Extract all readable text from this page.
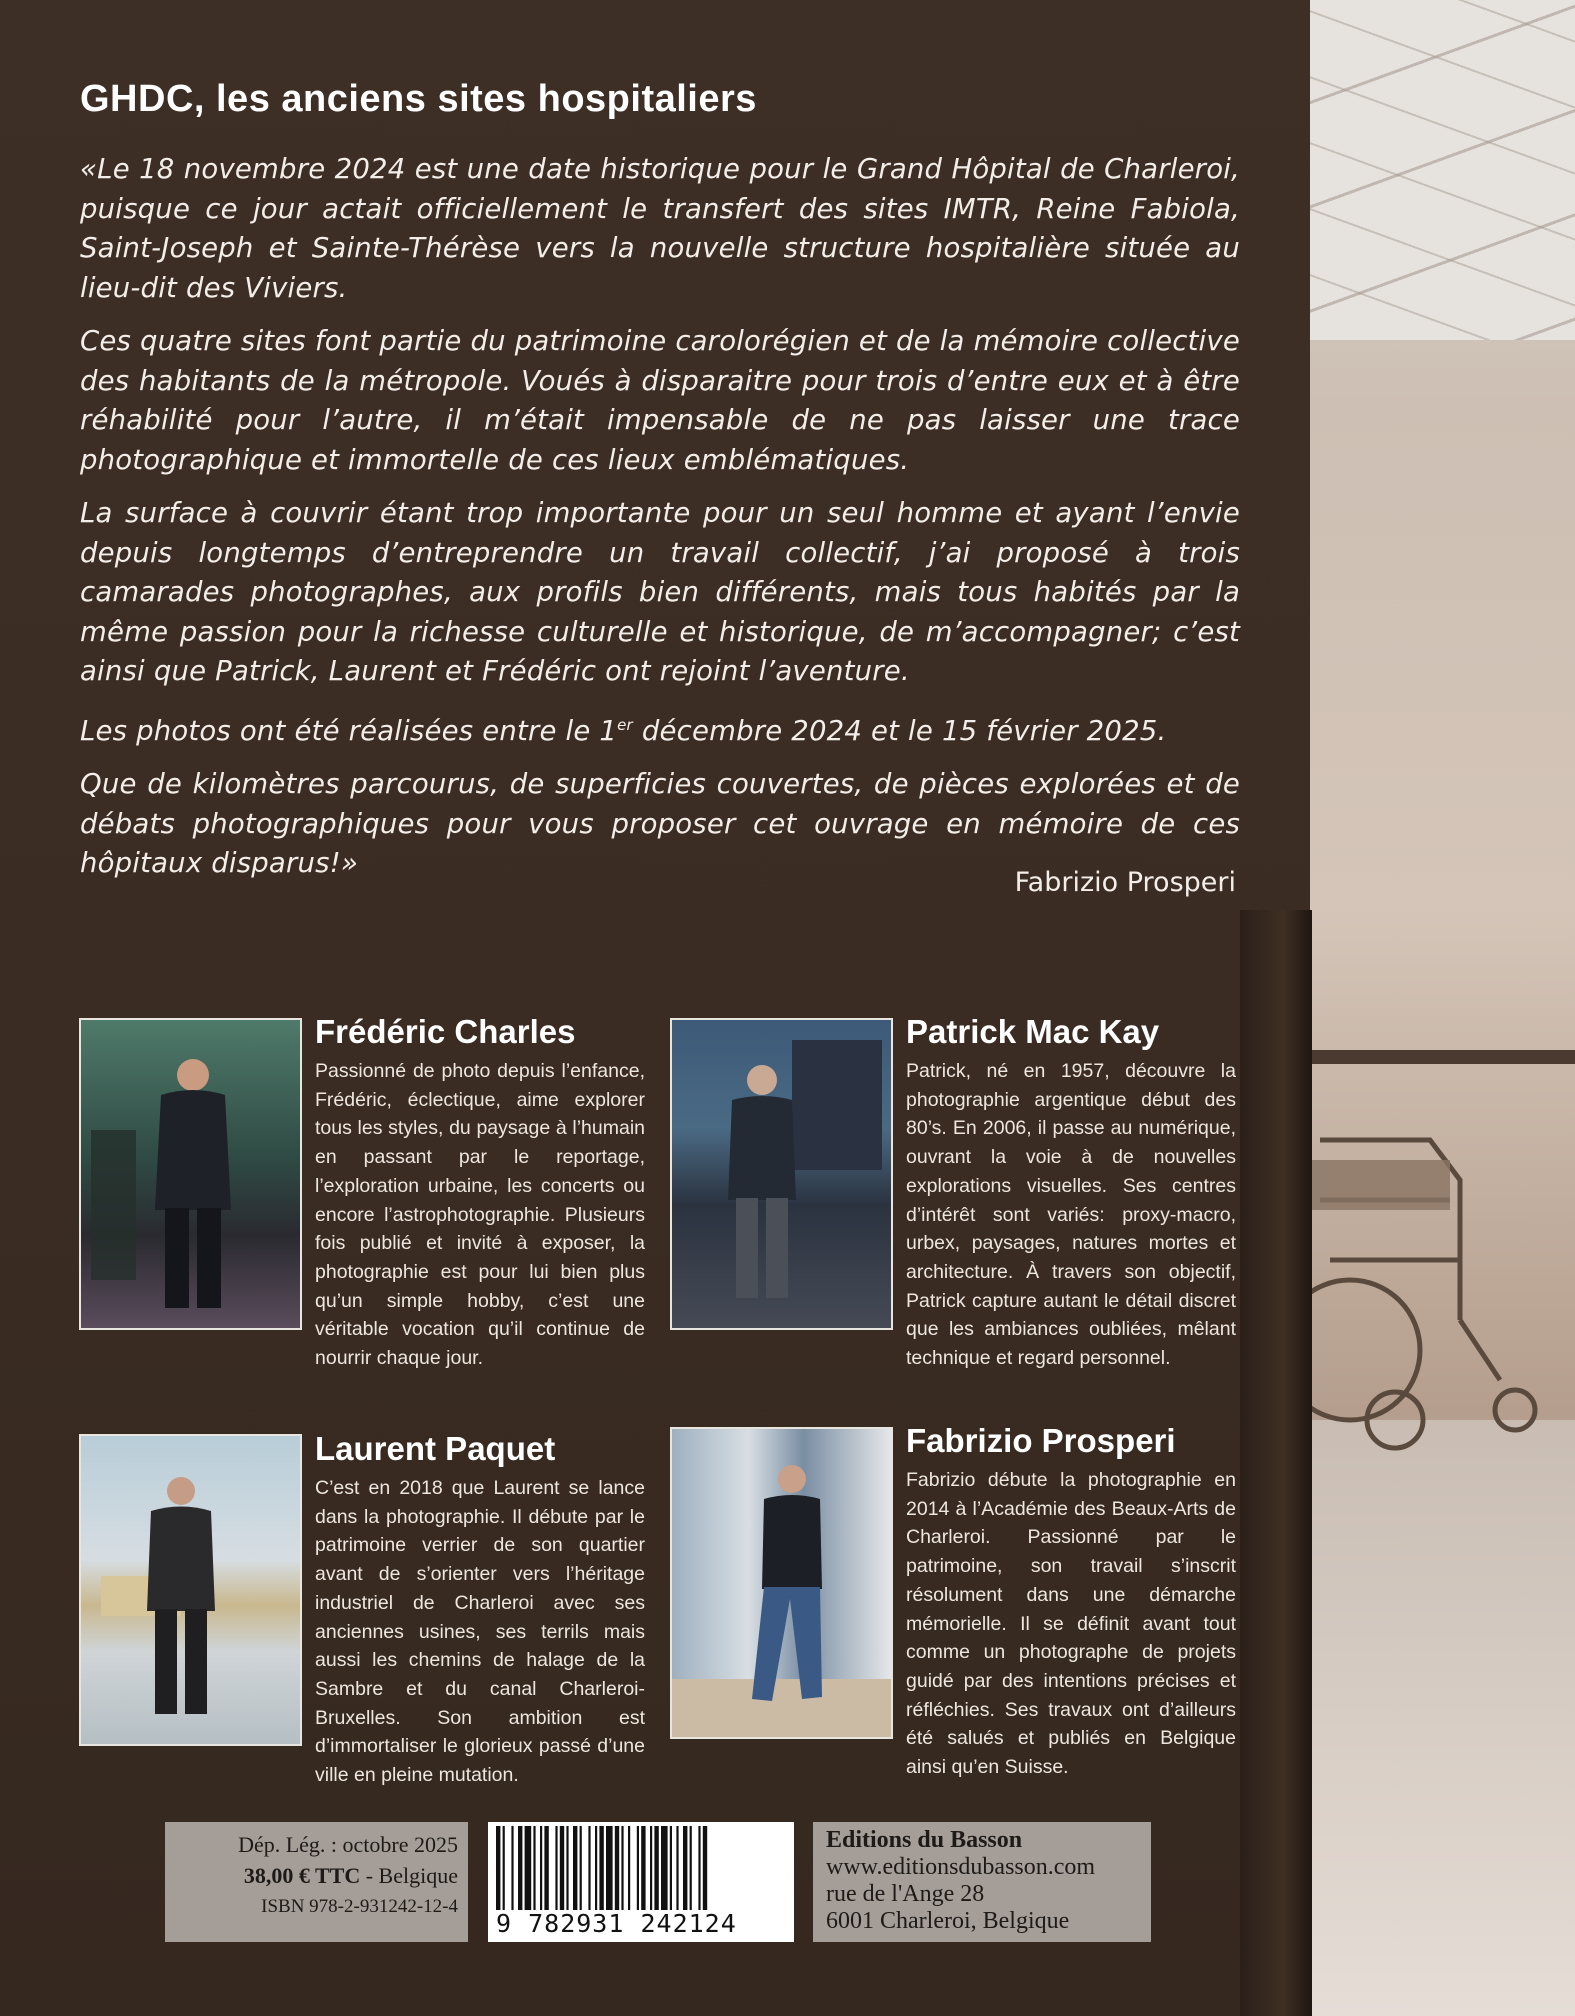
GHDC, les anciens sites hospitaliers

«Le 18 novembre 2024 est une date historique pour le Grand Hôpital de Charleroi, puisque ce jour actait officiellement le transfert des sites IMTR, Reine Fabiola, Saint-Joseph et Sainte-Thérèse vers la nouvelle structure hospitalière située au lieu-dit des Viviers.

Ces quatre sites font partie du patrimoine carolorégien et de la mémoire collective des habitants de la métropole. Voués à disparaitre pour trois d’entre eux et à être réhabilité pour l’autre, il m’était impensable de ne pas laisser une trace photographique et immortelle de ces lieux emblématiques.

La surface à couvrir étant trop importante pour un seul homme et ayant l’envie depuis longtemps d’entreprendre un travail collectif, j’ai proposé à trois camarades photographes, aux profils bien différents, mais tous habités par la même passion pour la richesse culturelle et historique, de m’accompagner; c’est ainsi que Patrick, Laurent et Frédéric ont rejoint l’aventure.

Les photos ont été réalisées entre le 1er décembre 2024 et le 15 février 2025.

Que de kilomètres parcourus, de superficies couvertes, de pièces explorées et de débats photographiques pour vous proposer cet ouvrage en mémoire de ces hôpitaux disparus!»

Fabrizio Prosperi
Frédéric Charles
Passionné de photo depuis l’enfance, Frédéric, éclectique, aime explorer tous les styles, du paysage à l’humain en passant par le reportage, l’exploration urbaine, les concerts ou encore l’astrophotographie. Plusieurs fois publié et invité à exposer, la photographie est pour lui bien plus qu’un simple hobby, c’est une véritable vocation qu’il continue de nourrir chaque jour.
Patrick Mac Kay
Patrick, né en 1957, découvre la photographie argentique début des 80’s. En 2006, il passe au numérique, ouvrant la voie à de nouvelles explorations visuelles. Ses centres d’intérêt sont variés: proxy-macro, urbex, paysages, natures mortes et architecture. À travers son objectif, Patrick capture autant le détail discret que les ambiances oubliées, mêlant technique et regard personnel.
Laurent Paquet
C’est en 2018 que Laurent se lance dans la photographie. Il débute par le patrimoine verrier de son quartier avant de s’orienter vers l’héritage industriel de Charleroi avec ses anciennes usines, ses terrils mais aussi les chemins de halage de la Sambre et du canal Charleroi-Bruxelles. Son ambition est d’immortaliser le glorieux passé d’une ville en pleine mutation.
Fabrizio Prosperi
Fabrizio débute la photographie en 2014 à l’Académie des Beaux-Arts de Charleroi. Passionné par le patrimoine, son travail s’inscrit résolument dans une démarche mémorielle. Il se définit avant tout comme un photographe de projets guidé par des intentions précises et réfléchies. Ses travaux ont d’ailleurs été salués et publiés en Belgique ainsi qu’en Suisse.
Dép. Lég. : octobre 2025
38,00 € TTC - Belgique
ISBN 978-2-931242-12-4
9 782931 242124
Editions du Basson
www.editionsdubasson.com
rue de l'Ange 28
6001 Charleroi, Belgique
